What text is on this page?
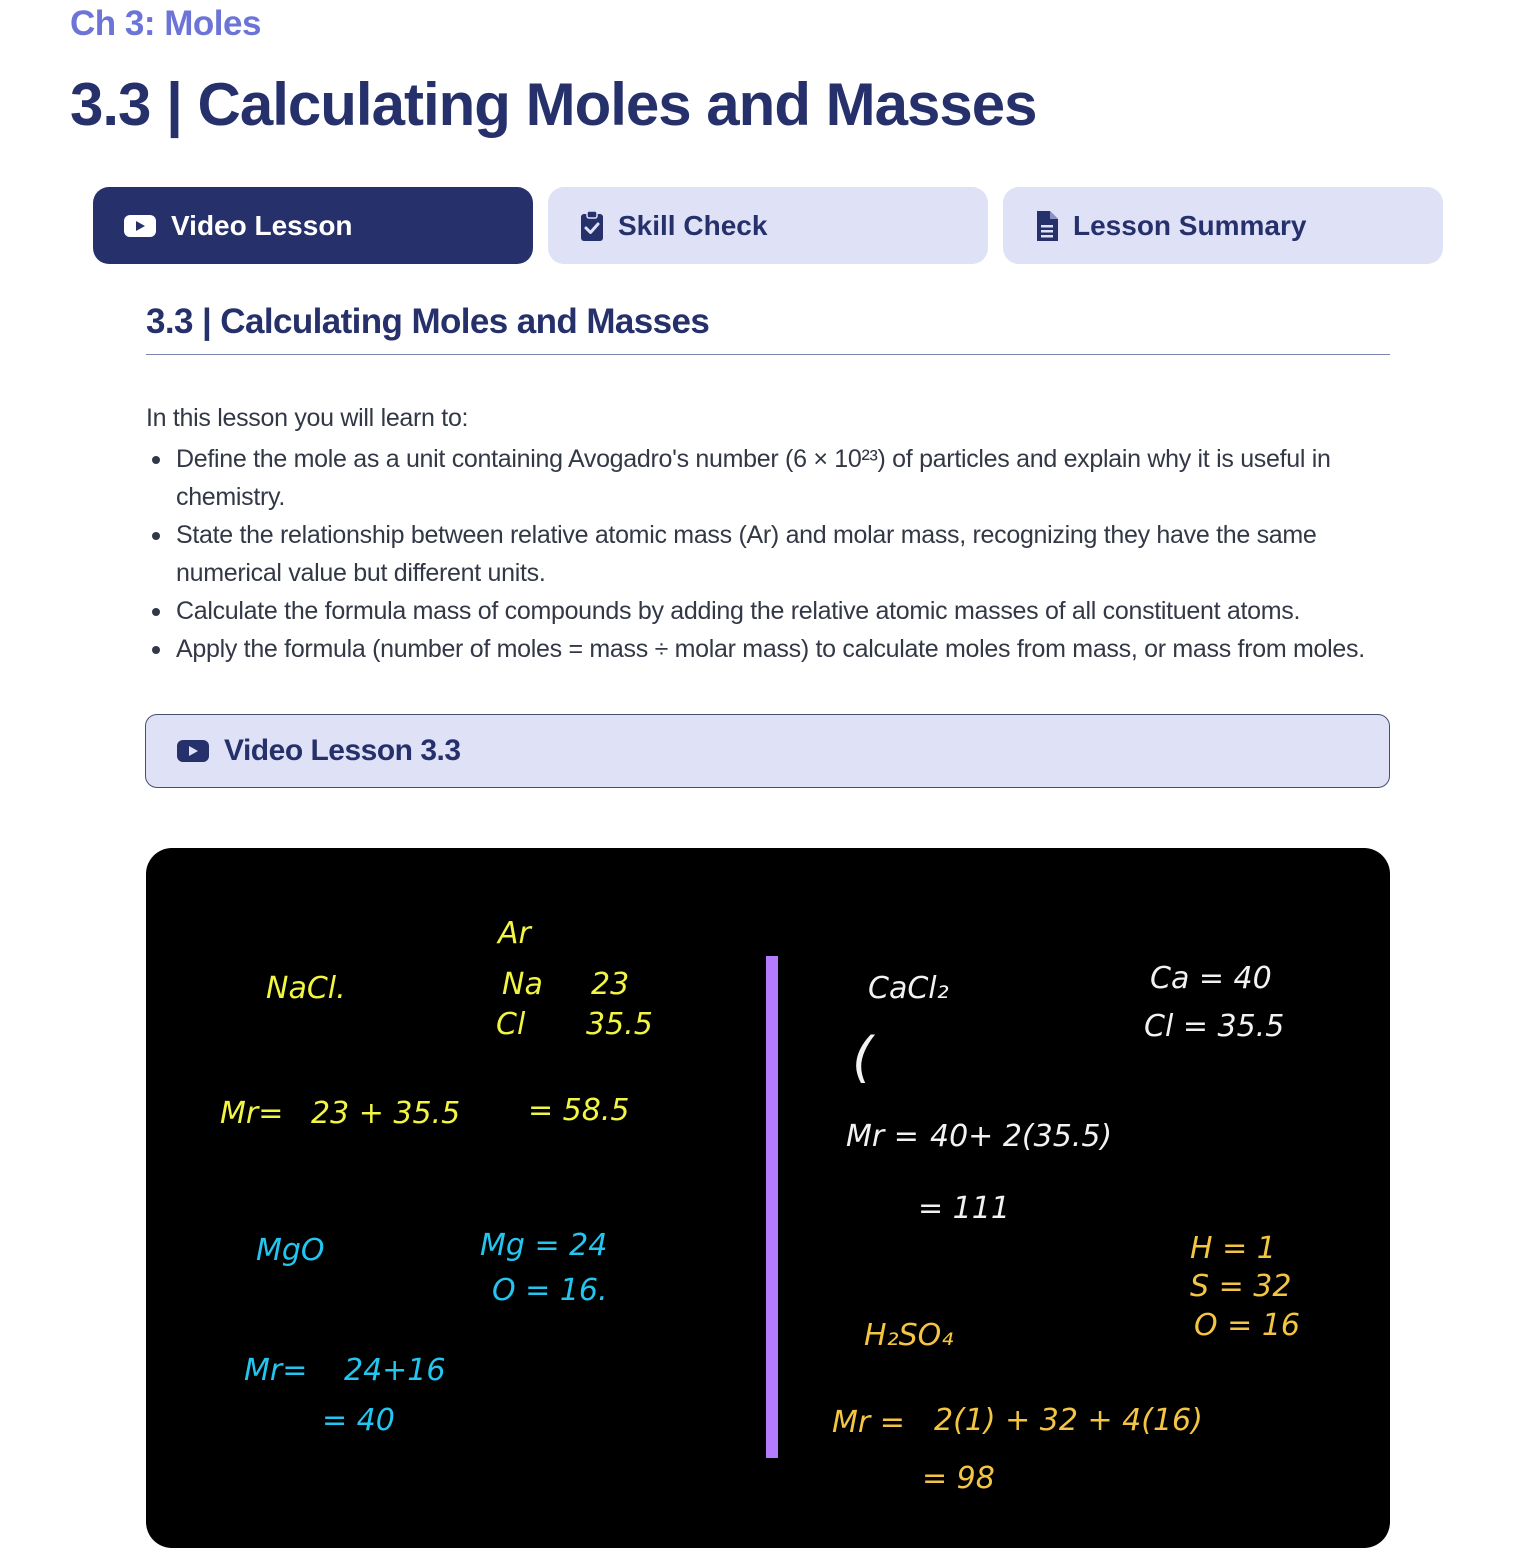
Ch 3: Moles
3.3 | Calculating Moles and Masses
Video Lesson	Skill Check	Lesson Summary
3.3 | Calculating Moles and Masses
In this lesson you will learn to:
Define the mole as a unit containing Avogadro's number (6 × 10²³) of particles and explain why it is useful in chemistry.
State the relationship between relative atomic mass (Ar) and molar mass, recognizing they have the same numerical value but different units.
Calculate the formula mass of compounds by adding the relative atomic masses of all constituent atoms.
Apply the formula (number of moles = mass ÷ molar mass) to calculate moles from mass, or mass from moles.
Video Lesson 3.3
NaCl.
Ar
Na 23
Cl 35.5
Mr= 23 + 35.5 = 58.5
MgO	Mg = 24
O = 16.
Mr= 24+16
= 40
CaCl₂
(
Ca = 40
Cl = 35.5
Mr = 40+ 2(35.5)
= 111
H₂SO₄
H = 1
S = 32
O = 16
Mr = 2(1) + 32 + 4(16)
= 98
